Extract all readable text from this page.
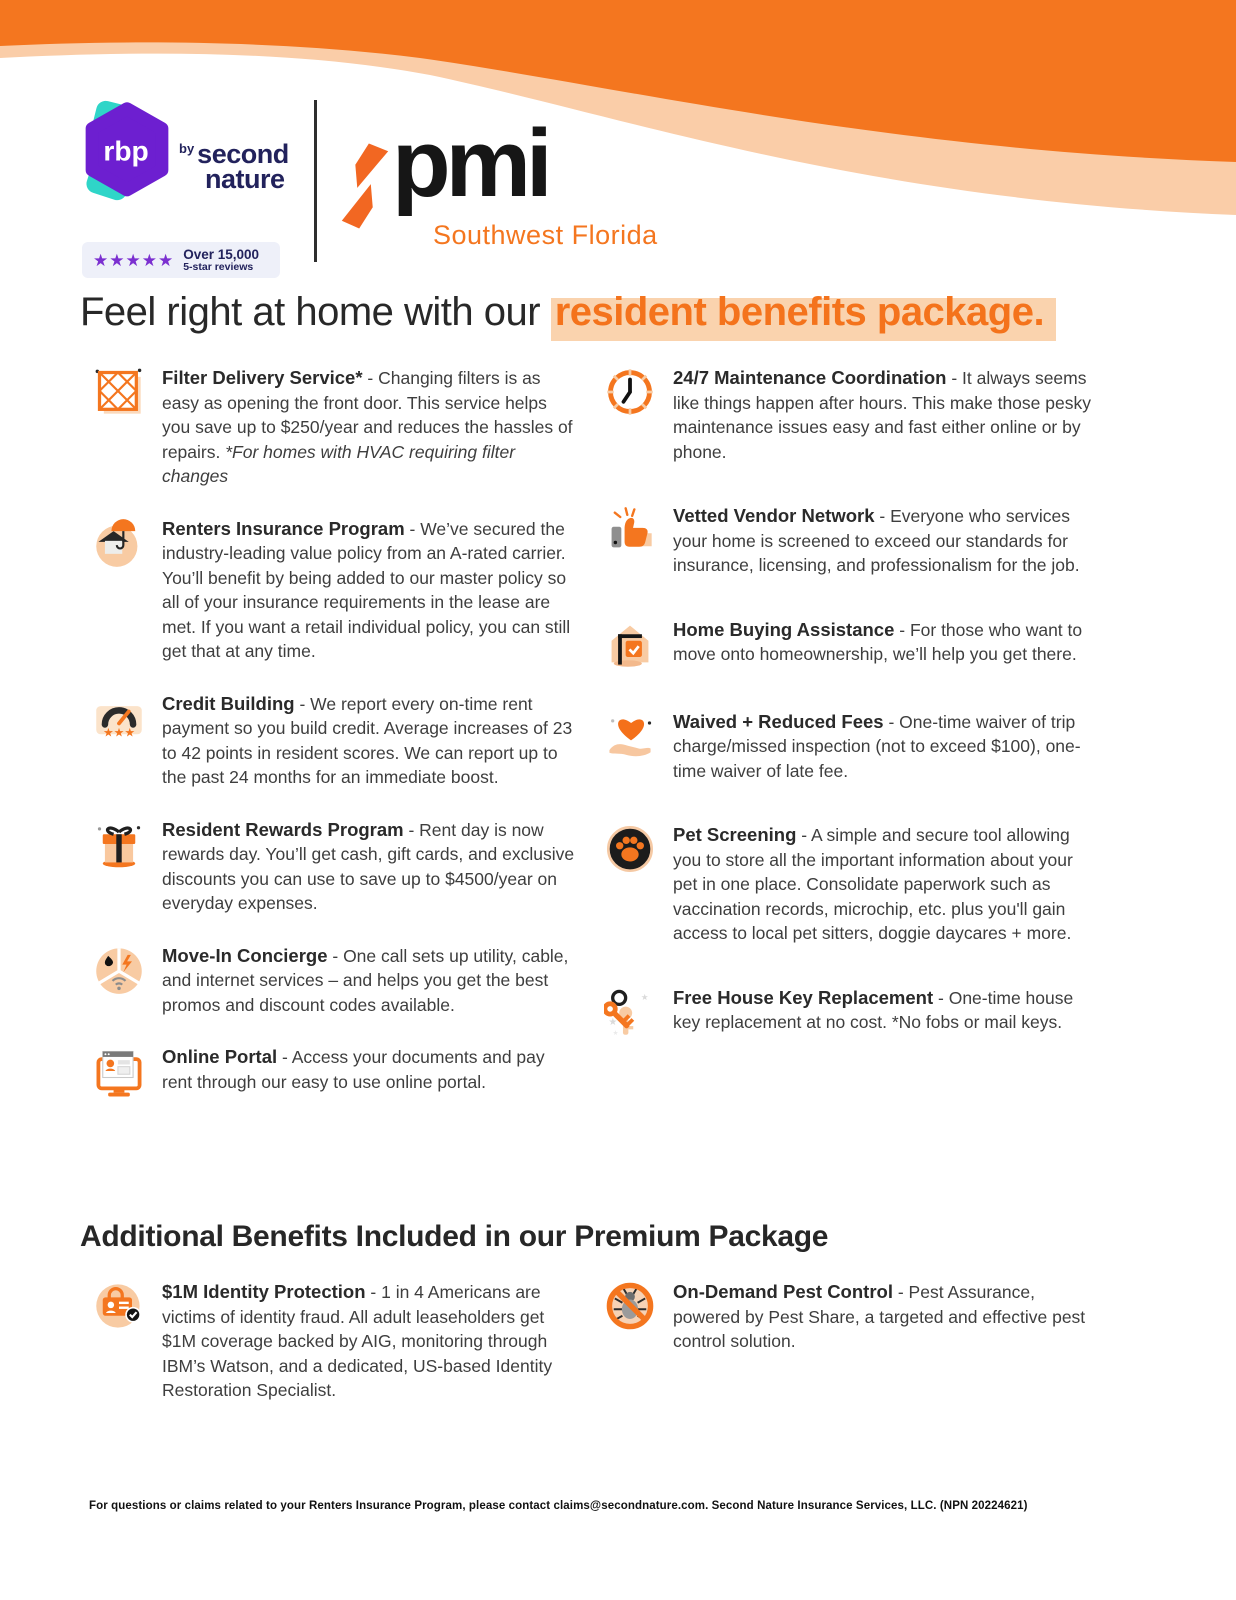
rbp $^{by}$ second
nature
★★★★★ Over 15,000
5-star reviews
pmi
Southwest Florida
Feel right at home with our resident benefits package.

Filter Delivery Service* - Changing filters is as easy as opening the front door. This service helps you save up to $250/year and reduces the hassles of repairs. *For homes with HVAC requiring filter changes

Renters Insurance Program - We’ve secured the industry-leading value policy from an A-rated carrier. You’ll benefit by being added to our master policy so all of your insurance requirements in the lease are met. If you want a retail individual policy, you can still get that at any time.

★★★

Credit Building - We report every on-time rent payment so you build credit. Average increases of 23 to 42 points in resident scores. We can report up to the past 24 months for an immediate boost.

Resident Rewards Program - Rent day is now rewards day. You’ll get cash, gift cards, and exclusive discounts you can use to save up to $4500/year on everyday expenses.

Move-In Concierge - One call sets up utility, cable, and internet services – and helps you get the best promos and discount codes available.

Online Portal - Access your documents and pay rent through our easy to use online portal.

24/7 Maintenance Coordination - It always seems like things happen after hours. This make those pesky maintenance issues easy and fast either online or by phone.

Vetted Vendor Network - Everyone who services your home is screened to exceed our standards for insurance, licensing, and professionalism for the job.

Home Buying Assistance - For those who want to move onto homeownership, we’ll help you get there.

Waived + Reduced Fees - One-time waiver of trip charge/missed inspection (not to exceed $100), one-time waiver of late fee.

Pet Screening - A simple and secure tool allowing you to store all the important information about your pet in one place. Consolidate paperwork such as vaccination records, microchip, etc. plus you'll gain access to local pet sitters, doggie daycares + more.

★
★
★

Free House Key Replacement - One-time house key replacement at no cost. *No fobs or mail keys.

Additional Benefits Included in our Premium Package

$1M Identity Protection - 1 in 4 Americans are victims of identity fraud. All adult leaseholders get $1M coverage backed by AIG, monitoring through IBM’s Watson, and a dedicated, US-based Identity Restoration Specialist.

On-Demand Pest Control - Pest Assurance, powered by Pest Share, a targeted and effective pest control solution.

For questions or claims related to your Renters Insurance Program, please contact claims@secondnature.com. Second Nature Insurance Services, LLC. (NPN 20224621)
